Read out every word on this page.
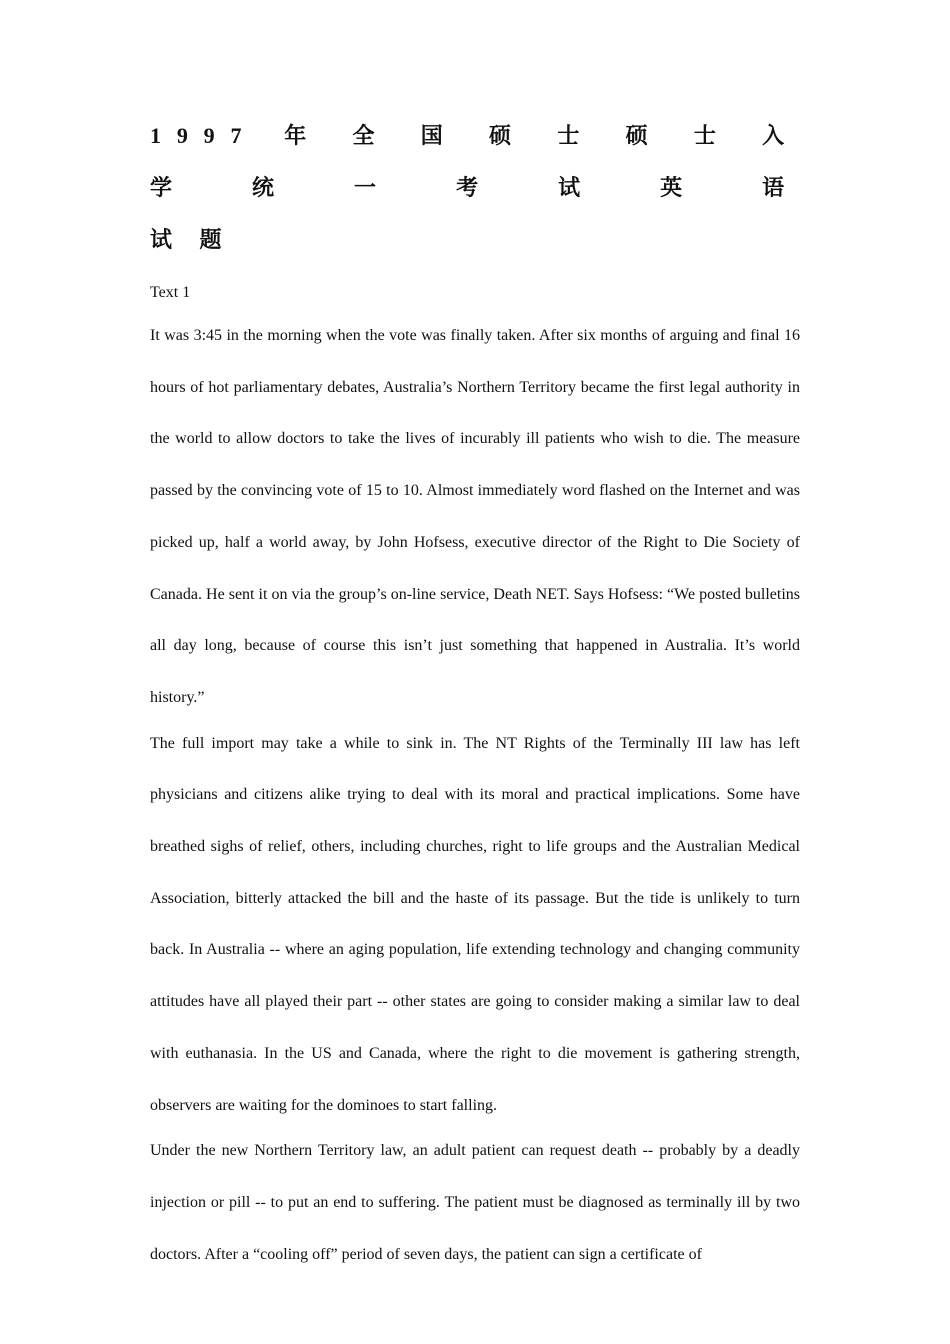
1997 年 全 国 硕 士 硕 士 入 学 统 一 考 试 英 语
试 题

Text 1

It was 3:45 in the morning when the vote was finally taken. After six months of arguing and final 16 hours of hot parliamentary debates, Australia’s Northern Territory became the first legal authority in the world to allow doctors to take the lives of incurably ill patients who wish to die. The measure passed by the convincing vote of 15 to 10. Almost immediately word flashed on the Internet and was picked up, half a world away, by John Hofsess, executive director of the Right to Die Society of Canada. He sent it on via the group’s on-line service, Death NET. Says Hofsess: “We posted bulletins all day long, because of course this isn’t just something that happened in Australia. It’s world history.”

The full import may take a while to sink in. The NT Rights of the Terminally III law has left physicians and citizens alike trying to deal with its moral and practical implications. Some have breathed sighs of relief, others, including churches, right to life groups and the Australian Medical Association, bitterly attacked the bill and the haste of its passage. But the tide is unlikely to turn back. In Australia -- where an aging population, life extending technology and changing community attitudes have all played their part -- other states are going to consider making a similar law to deal with euthanasia. In the US and Canada, where the right to die movement is gathering strength, observers are waiting for the dominoes to start falling.

Under the new Northern Territory law, an adult patient can request death -- probably by a deadly injection or pill -- to put an end to suffering. The patient must be diagnosed as terminally ill by two doctors. After a “cooling off” period of seven days, the patient can sign a certificate of
